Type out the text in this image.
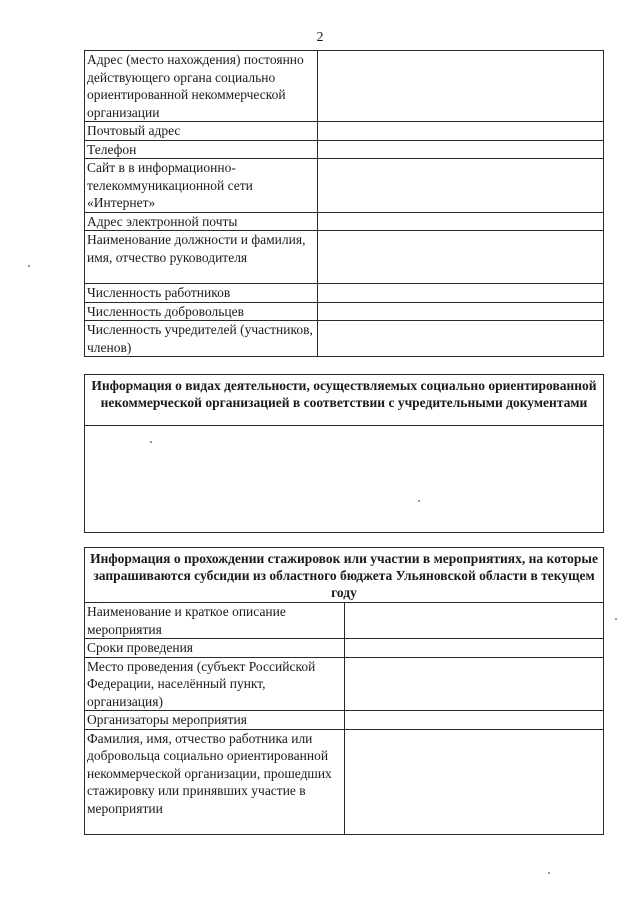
2
Адрес (место нахождения) постоянно действующего органа социально ориентированной некоммерческой организации	
Почтовый адрес	
Телефон	
Сайт в в информационно-телекоммуникационной сети «Интернет»	
Адрес электронной почты	
Наименование должности и фамилия, имя, отчество руководителя	
Численность работников	
Численность добровольцев	
Численность учредителей (участников, членов)	
Информация о видах деятельности, осуществляемых социально ориентированной некоммерческой организацией в соответствии с учредительными документами

Информация о прохождении стажировок или участии в мероприятиях, на которые запрашиваются субсидии из областного бюджета Ульяновской области в текущем году	
Наименование и краткое описание мероприятия	
Сроки проведения	
Место проведения (субъект Российской Федерации, населённый пункт, организация)	
Организаторы мероприятия	
Фамилия, имя, отчество работника или добровольца социально ориентированной некоммерческой организации, прошедших стажировку или принявших участие в мероприятии	
